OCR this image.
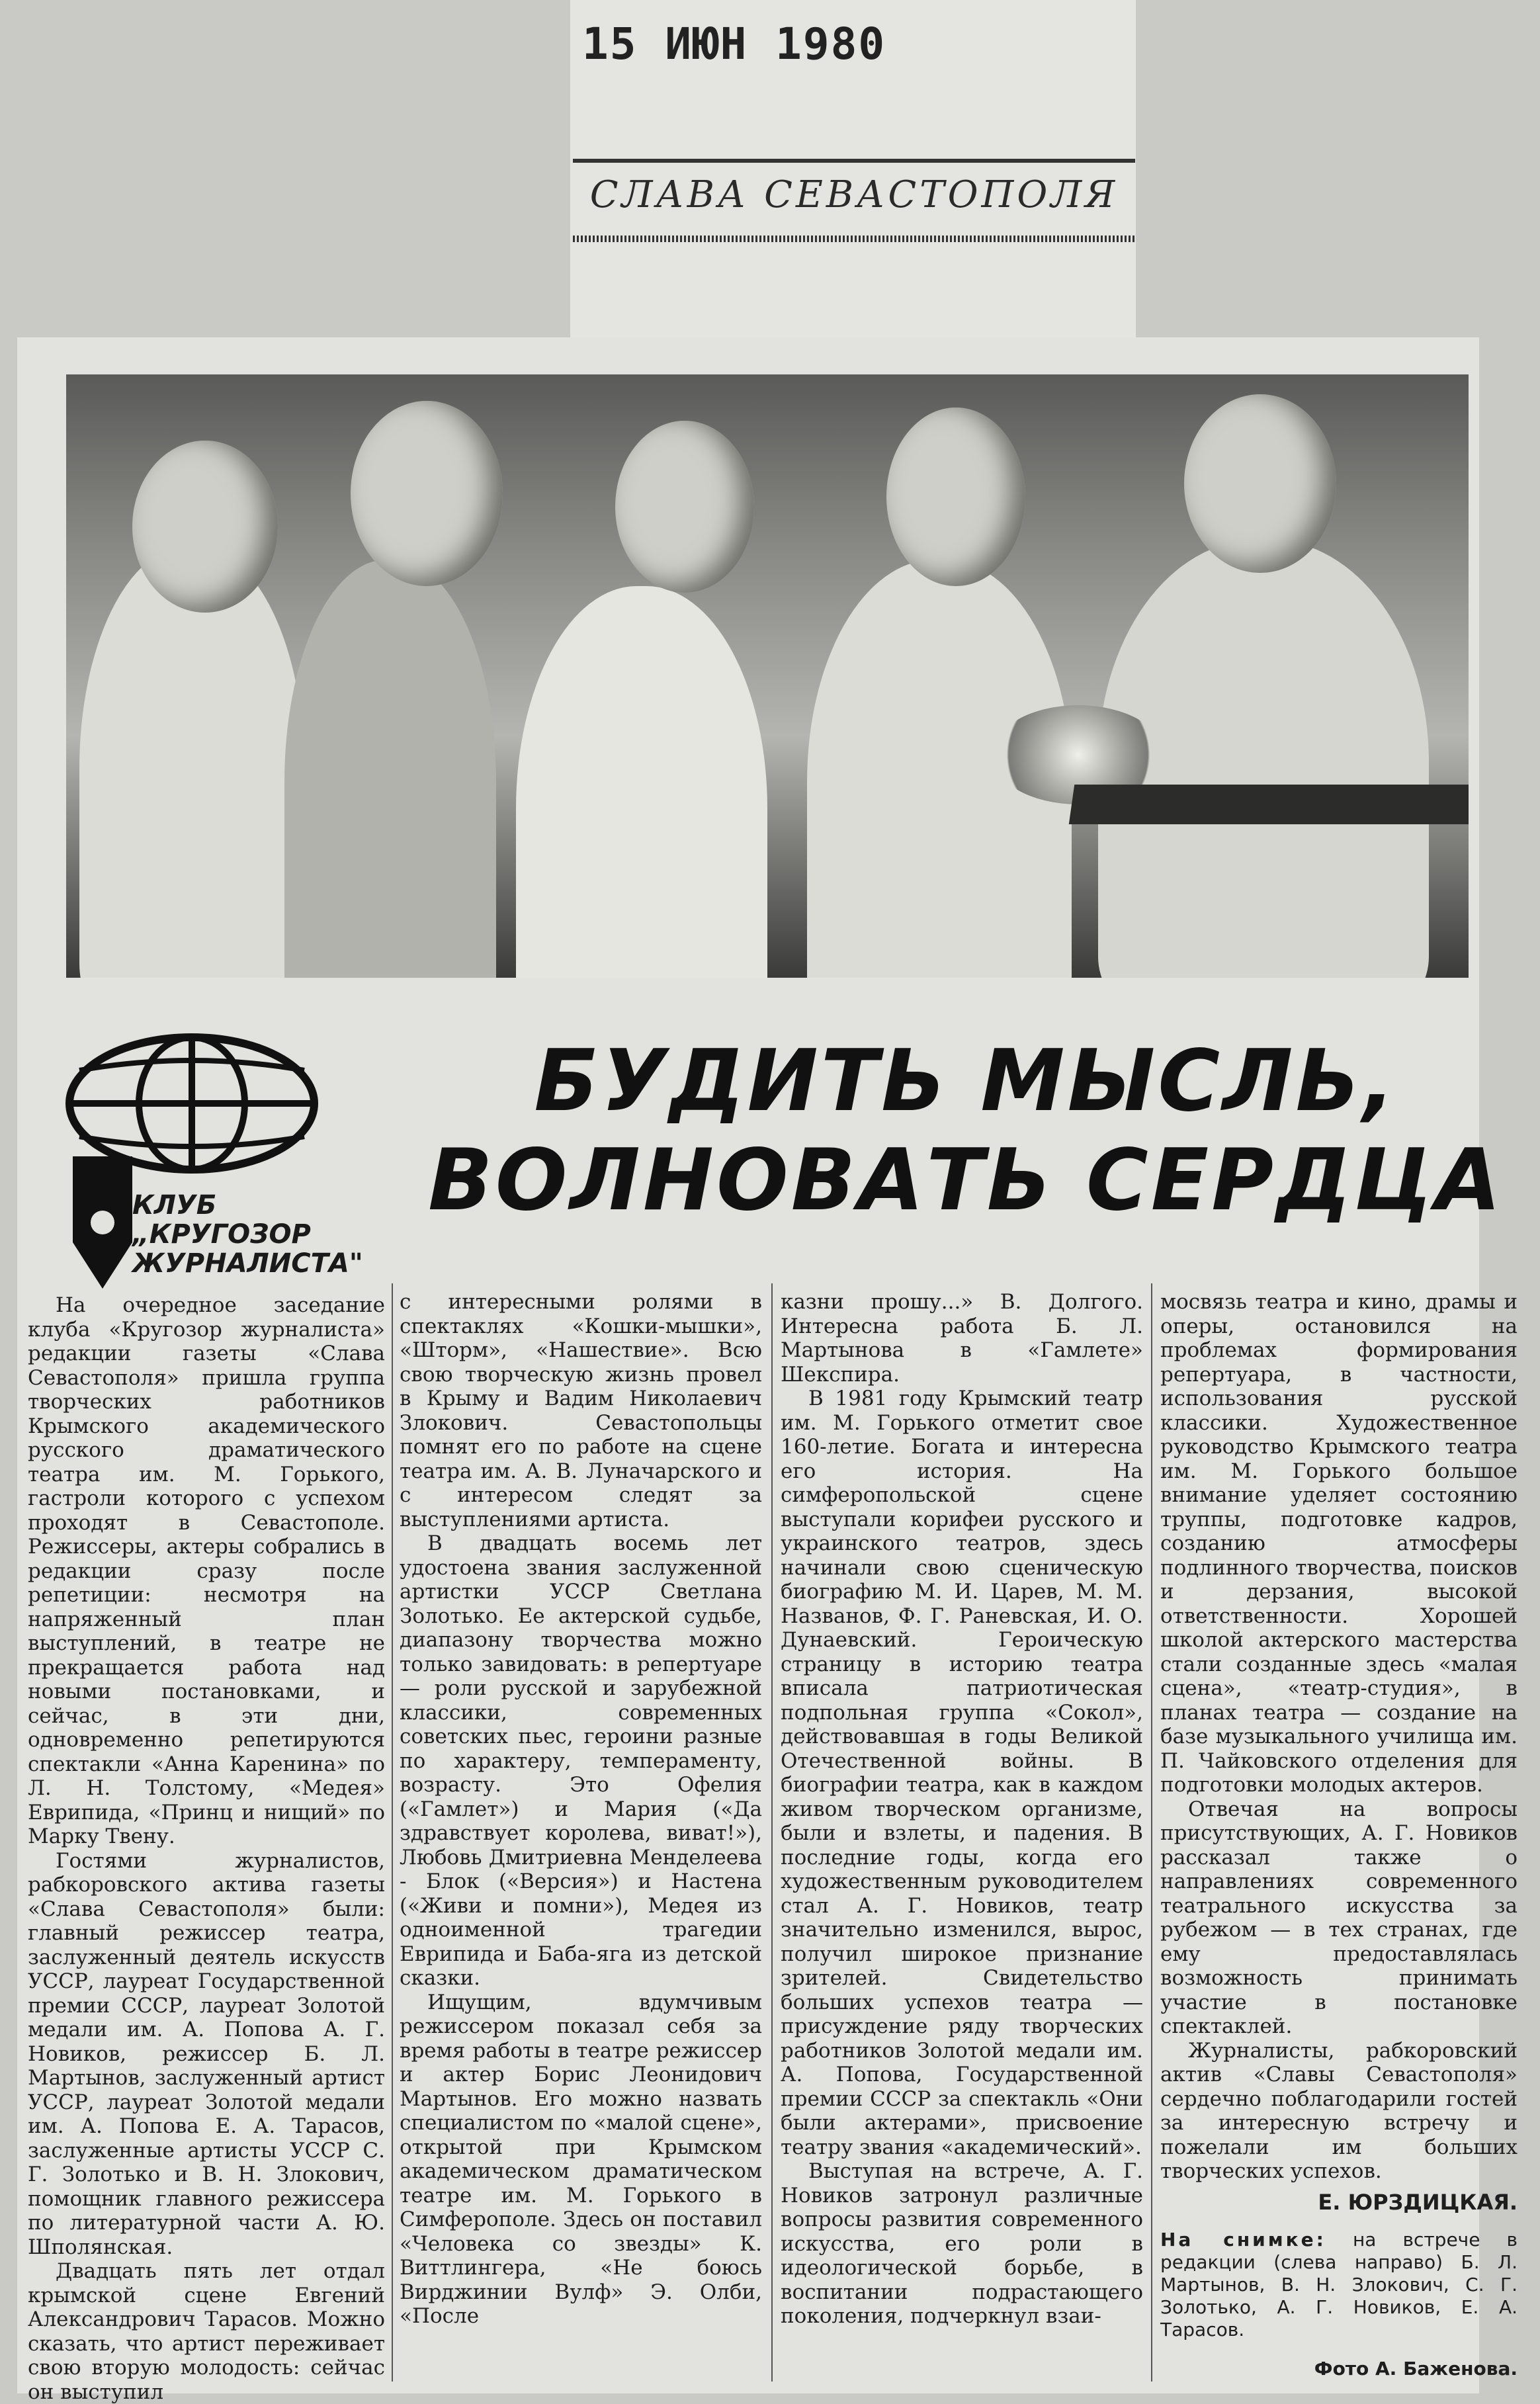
15 ИЮН 1980
СЛАВА СЕВАСТОПОЛЯ
КЛУБ
„КРУГОЗОР
ЖУРНАЛИСТА"
БУДИТЬ МЫСЛЬ,
ВОЛНОВАТЬ СЕРДЦА

На очередное заседание клуба «Кругозор журналиста» редакции газеты «Слава Севастополя» пришла группа творческих работников Крымского академического русского драматического театра им. М. Горького, гастроли которого с успехом проходят в Севастополе. Режиссеры, актеры собрались в редакции сразу после репетиции: несмотря на напряженный план выступлений, в театре не прекращается работа над новыми постановками, и сейчас, в эти дни, одновременно репетируются спектакли «Анна Каренина» по Л. Н. Толстому, «Медея» Еврипида, «Принц и нищий» по Марку Твену.

Гостями журналистов, рабкоровского актива газеты «Слава Севастополя» были: главный режиссер театра, заслуженный деятель искусств УССР, лауреат Государственной премии СССР, лауреат Золотой медали им. А. Попова А. Г. Новиков, режиссер Б. Л. Мартынов, заслуженный артист УССР, лауреат Золотой медали им. А. Попова Е. А. Тарасов, заслуженные артисты УССР С. Г. Золотько и В. Н. Злокович, помощник главного режиссера по литературной части А. Ю. Шполянская.

Двадцать пять лет отдал крымской сцене Евгений Александрович Тарасов. Можно сказать, что артист переживает свою вторую молодость: сейчас он выступил

с интересными ролями в спектаклях «Кошки-мышки», «Шторм», «Нашествие». Всю свою творческую жизнь провел в Крыму и Вадим Николаевич Злокович. Севастопольцы помнят его по работе на сцене театра им. А. В. Луначарского и с интересом следят за выступлениями артиста.

В двадцать восемь лет удостоена звания заслуженной артистки УССР Светлана Золотько. Ее актерской судьбе, диапазону творчества можно только завидовать: в репертуаре — роли русской и зарубежной классики, современных советских пьес, героини разные по характеру, темпераменту, возрасту. Это Офелия («Гамлет») и Мария («Да здравствует королева, виват!»), Любовь Дмитриевна Менделеева - Блок («Версия») и Настена («Живи и помни»), Медея из одноименной трагедии Еврипида и Баба-яга из детской сказки.

Ищущим, вдумчивым режиссером показал себя за время работы в театре режиссер и актер Борис Леонидович Мартынов. Его можно назвать специалистом по «малой сцене», открытой при Крымском академическом драматическом театре им. М. Горького в Симферополе. Здесь он поставил «Человека со звезды» К. Виттлингера, «Не боюсь Вирджинии Вулф» Э. Олби, «После

казни прошу...» В. Долгого. Интересна работа Б. Л. Мартынова в «Гамлете» Шекспира.

В 1981 году Крымский театр им. М. Горького отметит свое 160-летие. Богата и интересна его история. На симферопольской сцене выступали корифеи русского и украинского театров, здесь начинали свою сценическую биографию М. И. Царев, М. М. Названов, Ф. Г. Раневская, И. О. Дунаевский. Героическую страницу в историю театра вписала патриотическая подпольная группа «Сокол», действовавшая в годы Великой Отечественной войны. В биографии театра, как в каждом живом творческом организме, были и взлеты, и падения. В последние годы, когда его художественным руководителем стал А. Г. Новиков, театр значительно изменился, вырос, получил широкое признание зрителей. Свидетельство больших успехов театра — присуждение ряду творческих работников Золотой медали им. А. Попова, Государственной премии СССР за спектакль «Они были актерами», присвоение театру звания «академический».

Выступая на встрече, А. Г. Новиков затронул различные вопросы развития современного искусства, его роли в идеологической борьбе, в воспитании подрастающего поколения, подчеркнул взаи-

мосвязь театра и кино, драмы и оперы, остановился на проблемах формирования репертуара, в частности, использования русской классики. Художественное руководство Крымского театра им. М. Горького большое внимание уделяет состоянию труппы, подготовке кадров, созданию атмосферы подлинного творчества, поисков и дерзания, высокой ответственности. Хорошей школой актерского мастерства стали созданные здесь «малая сцена», «театр-студия», в планах театра — создание на базе музыкального училища им. П. Чайковского отделения для подготовки молодых актеров.

Отвечая на вопросы присутствующих, А. Г. Новиков рассказал также о направлениях современного театрального искусства за рубежом — в тех странах, где ему предоставлялась возможность принимать участие в постановке спектаклей.

Журналисты, рабкоровский актив «Славы Севастополя» сердечно поблагодарили гостей за интересную встречу и пожелали им больших творческих успехов.

Е. ЮРЗДИЦКАЯ.
На снимке: на встрече в редакции (слева направо) Б. Л. Мартынов, В. Н. Злокович, С. Г. Золотько, А. Г. Новиков, Е. А. Тарасов.
Фото А. Баженова.
